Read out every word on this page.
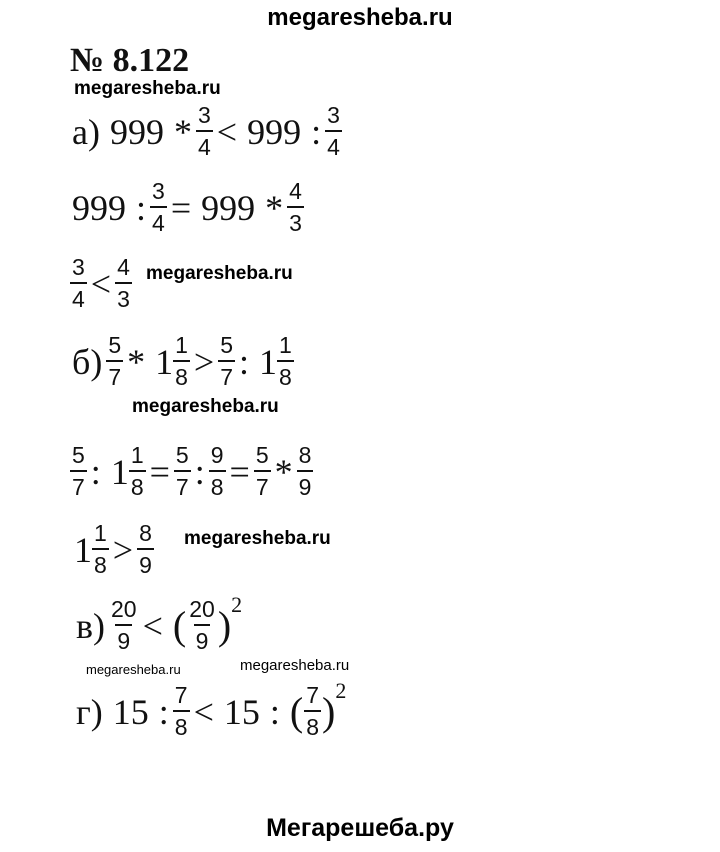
megaresheba.ru
№ 8.122
megaresheba.ru
а) $999 * \frac{3}{4} < 999$ : $\frac{3}{4}$
999 : $\frac{3}{4} = 999 * \frac{4}{3}$
$\frac{3}{4} < \frac{4}{3}$ megaresheba.ru
$б) \frac{5}{7} * 1 \frac{1}{8} > \frac{5}{7}$ : $1 \frac{1}{8}$
megaresheba.ru
$\frac{5}{7}$ : $1 \frac{1}{8} = \frac{5}{7}$ : $\frac{9}{8} = \frac{5}{7} * \frac{8}{9}$
$1 \frac{1}{8} > \frac{8}{9}$ megaresheba.ru
$в) \frac{20}{9}$ < ( $\frac{20}{9}$ ) 2
megaresheba.ru	megaresheba.ru
г) 15 : $\frac{7}{8} < 15$ : ( $\frac{7}{8}$ ) 2
Мегарешеба.ру
